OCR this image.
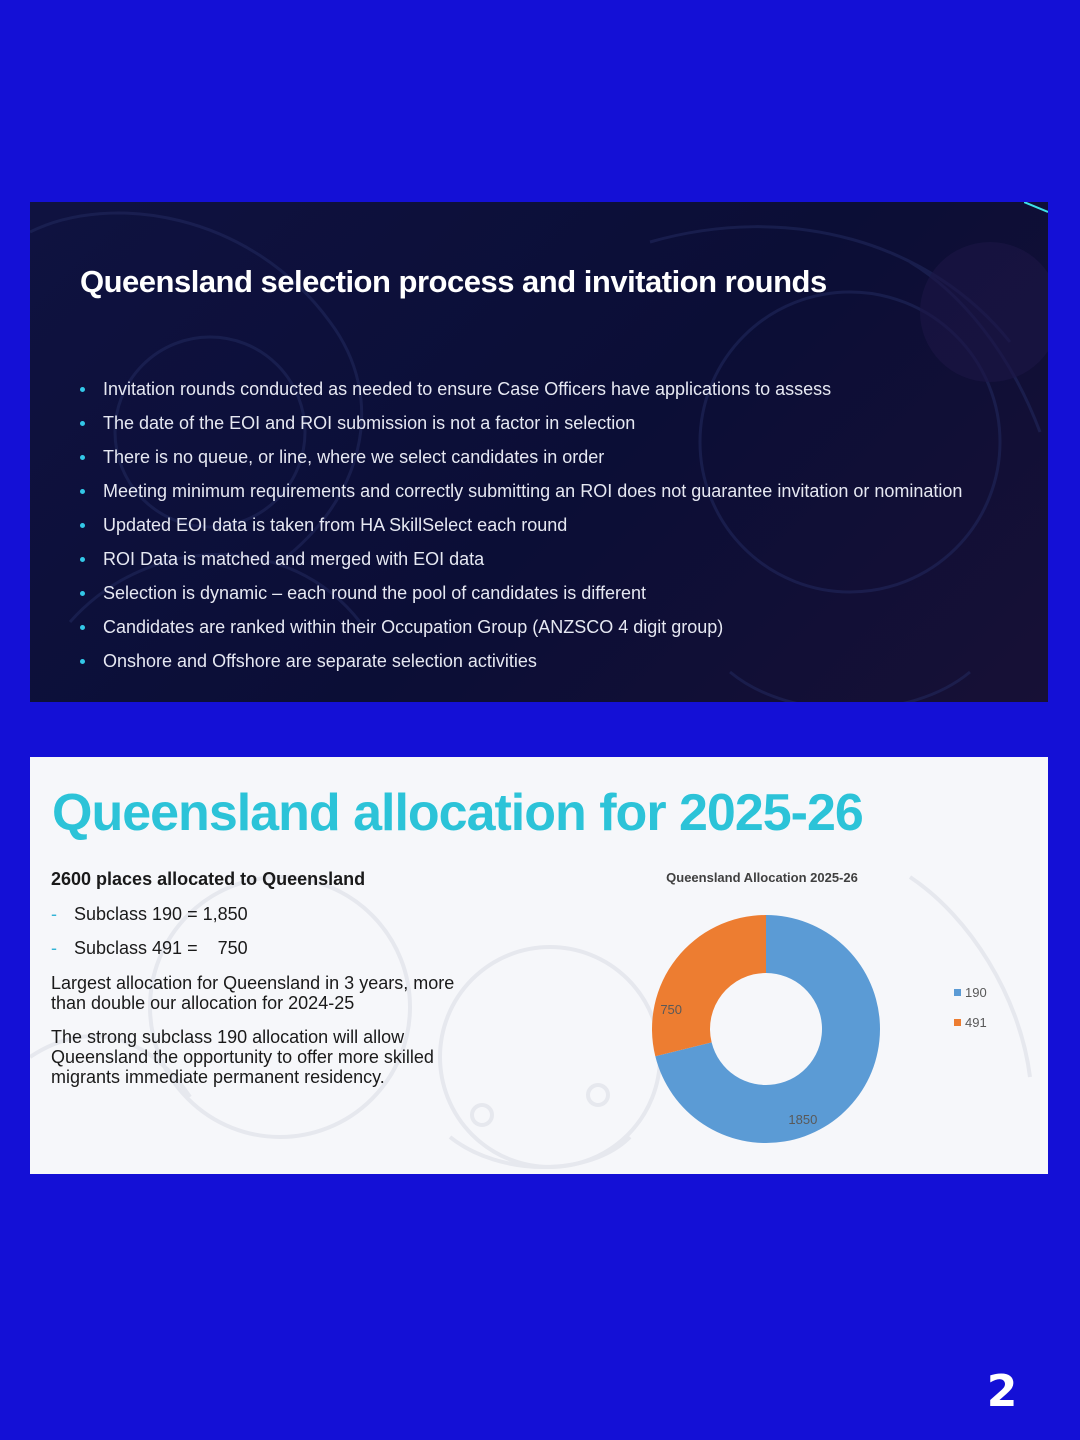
Queensland selection process and invitation rounds
Invitation rounds conducted as needed to ensure Case Officers have applications to assess
The date of the EOI and ROI submission is not a factor in selection
There is no queue, or line, where we select candidates in order
Meeting minimum requirements and correctly submitting an ROI does not guarantee invitation or nomination
Updated EOI data is taken from HA SkillSelect each round
ROI Data is matched and merged with EOI data
Selection is dynamic – each round the pool of candidates is different
Candidates are ranked within their Occupation Group (ANZSCO 4 digit group)
Onshore and Offshore are separate selection activities
Queensland allocation for 2025-26
2600 places allocated to Queensland
- Subclass 190 = 1,850
- Subclass 491 =    750
Largest allocation for Queensland in 3 years, more than double our allocation for 2024-25
The strong subclass 190 allocation will allow Queensland the opportunity to offer more skilled migrants immediate permanent residency.
Queensland Allocation 2025-26
1850
750
190
491
2
